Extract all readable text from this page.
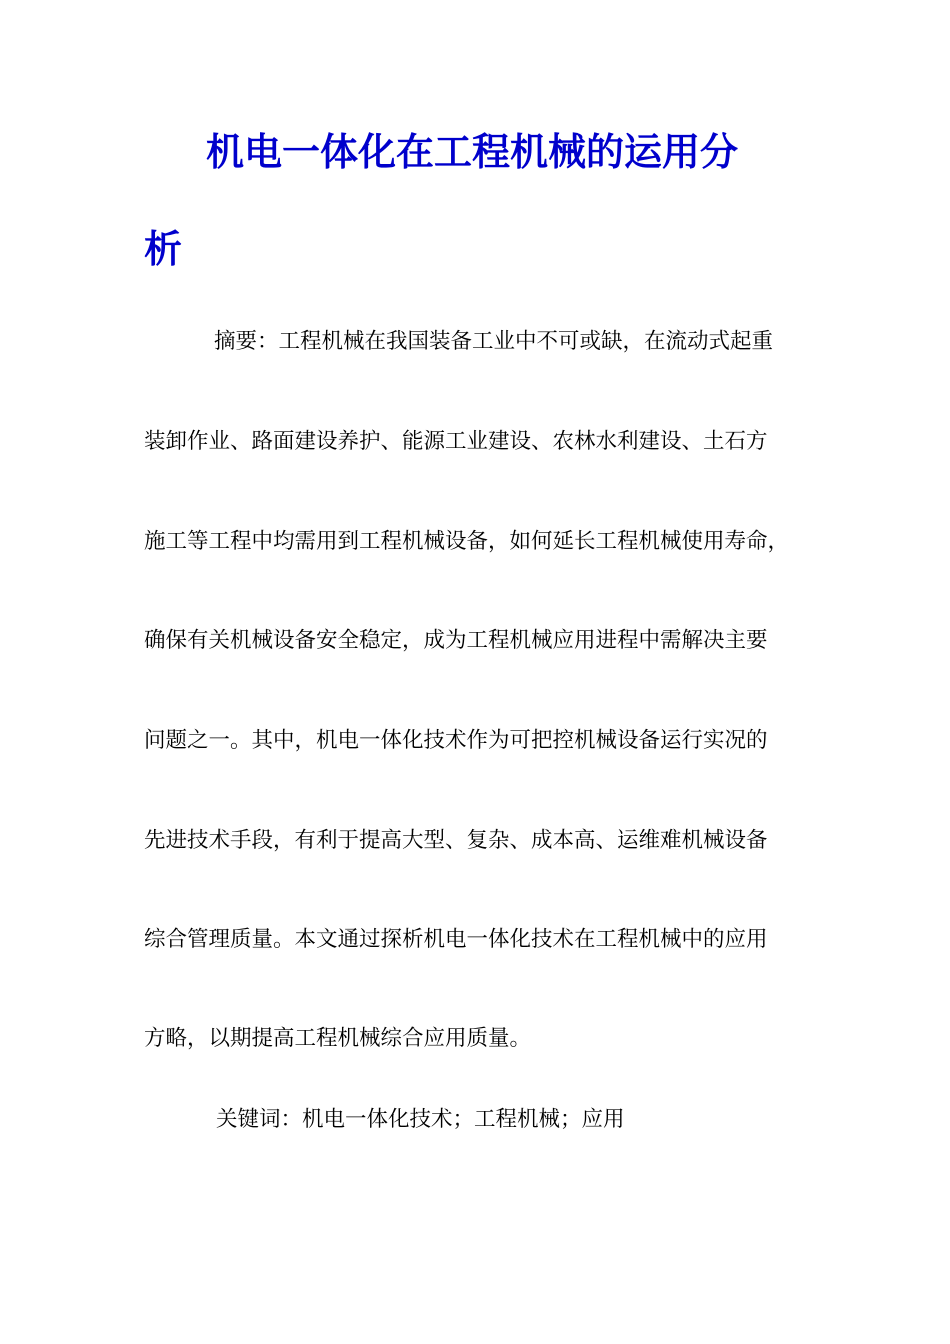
机电一体化在工程机械的运用分
析
摘要：工程机械在我国装备工业中不可或缺，在流动式起重
装卸作业、路面建设养护、能源工业建设、农林水利建设、土石方
施工等工程中均需用到工程机械设备，如何延长工程机械使用寿命，
确保有关机械设备安全稳定，成为工程机械应用进程中需解决主要
问题之一。其中，机电一体化技术作为可把控机械设备运行实况的
先进技术手段，有利于提高大型、复杂、成本高、运维难机械设备
综合管理质量。本文通过探析机电一体化技术在工程机械中的应用
方略，以期提高工程机械综合应用质量。
关键词：机电一体化技术；工程机械；应用
